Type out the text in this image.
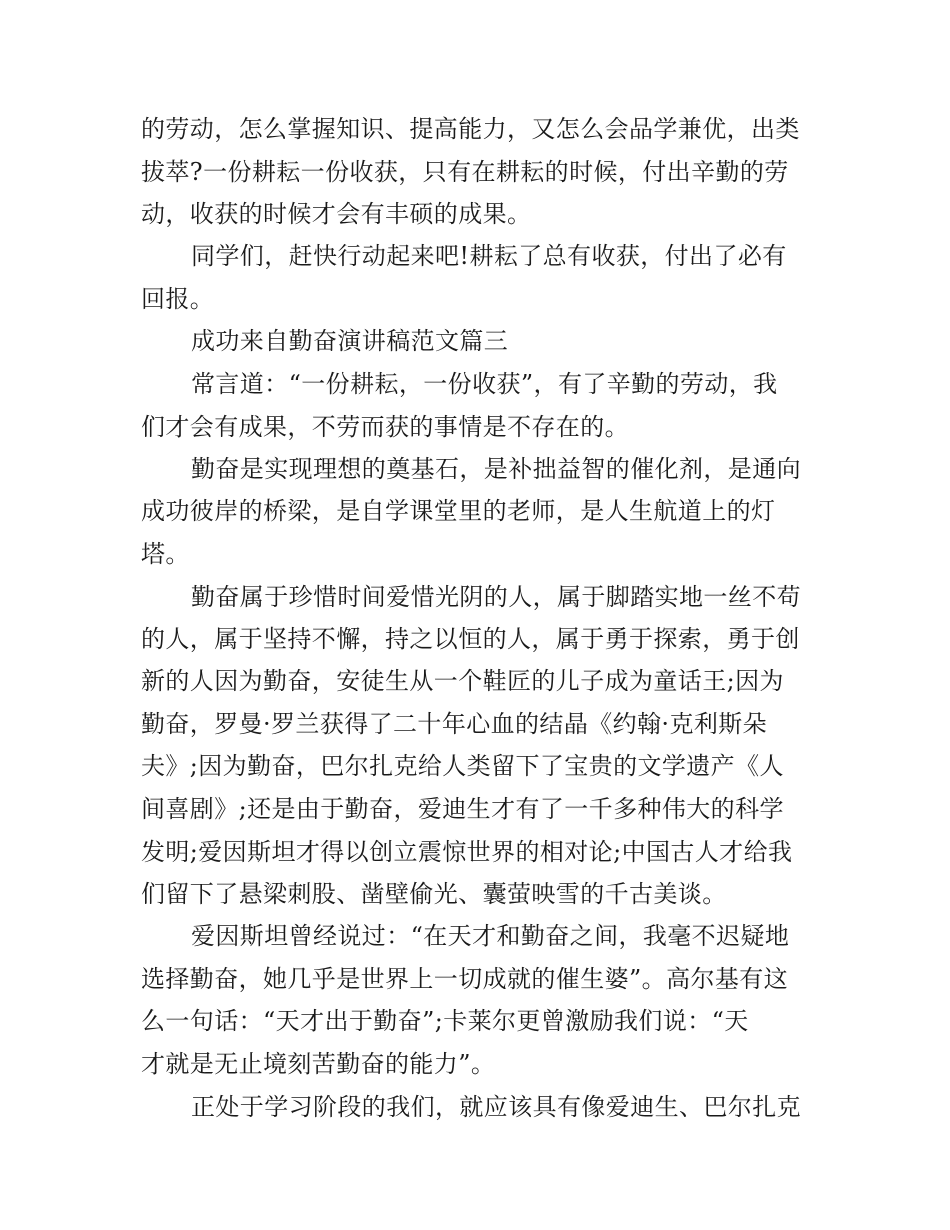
的劳动，怎么掌握知识、提高能力，又怎么会品学兼优，出类

拔萃?一份耕耘一份收获，只有在耕耘的时候，付出辛勤的劳

动，收获的时候才会有丰硕的成果。

同学们，赶快行动起来吧!耕耘了总有收获，付出了必有

回报。

成功来自勤奋演讲稿范文篇三

常言道：“一份耕耘，一份收获”，有了辛勤的劳动，我

们才会有成果，不劳而获的事情是不存在的。

勤奋是实现理想的奠基石，是补拙益智的催化剂，是通向

成功彼岸的桥梁，是自学课堂里的老师，是人生航道上的灯

塔。

勤奋属于珍惜时间爱惜光阴的人，属于脚踏实地一丝不苟

的人，属于坚持不懈，持之以恒的人，属于勇于探索，勇于创

新的人因为勤奋，安徒生从一个鞋匠的儿子成为童话王;因为

勤奋，罗曼·罗兰获得了二十年心血的结晶《约翰·克利斯朵

夫》;因为勤奋，巴尔扎克给人类留下了宝贵的文学遗产《人

间喜剧》;还是由于勤奋，爱迪生才有了一千多种伟大的科学

发明;爱因斯坦才得以创立震惊世界的相对论;中国古人才给我

们留下了悬梁刺股、凿壁偷光、囊萤映雪的千古美谈。

爱因斯坦曾经说过：“在天才和勤奋之间，我毫不迟疑地

选择勤奋，她几乎是世界上一切成就的催生婆”。高尔基有这

么一句话：“天才出于勤奋”;卡莱尔更曾激励我们说：“天

才就是无止境刻苦勤奋的能力”。

正处于学习阶段的我们，就应该具有像爱迪生、巴尔扎克
